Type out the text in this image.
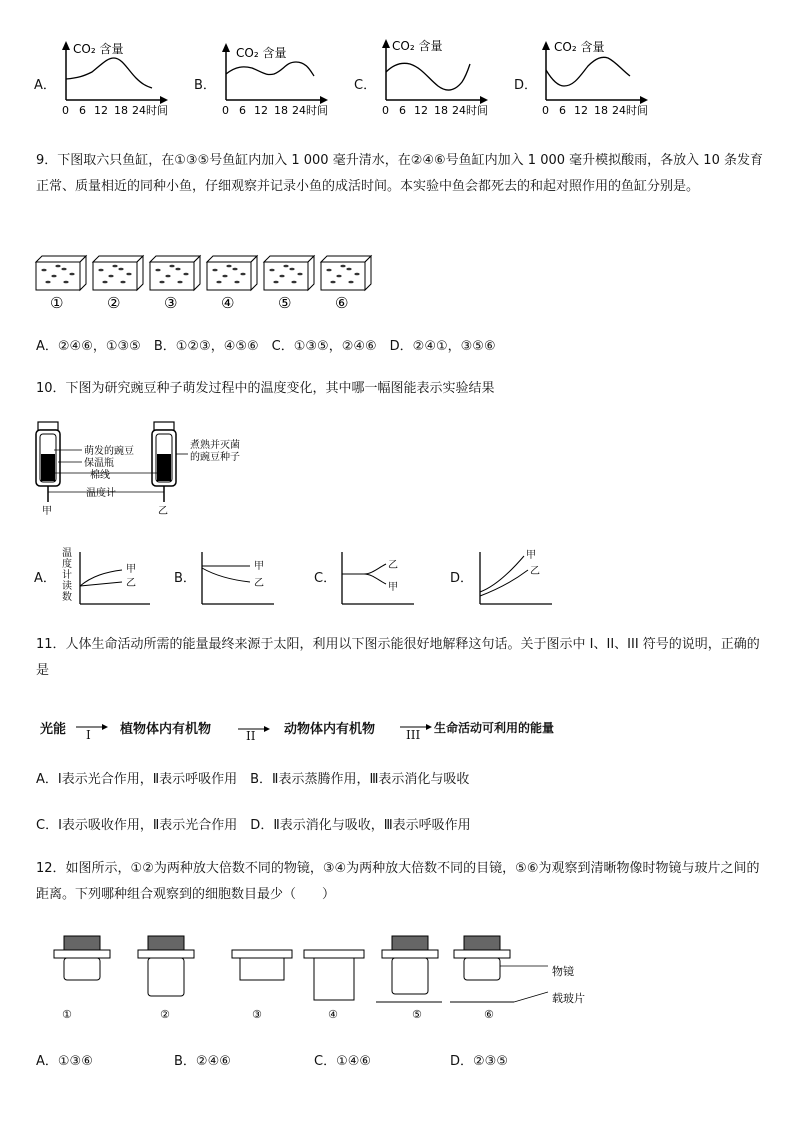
A．
CO₂ 含量
0 6 12 18 24 时间
B．
CO₂ 含量
0 6 12 18 24 时间
C．
CO₂ 含量
0 6 12 18 24 时间
D．
CO₂ 含量
0 6 12 18 24 时间
9．下图取六只鱼缸，在①③⑤号鱼缸内加入 1 000 毫升清水，在②④⑥号鱼缸内加入 1 000 毫升模拟酸雨，各放入 10 条发育正常、质量相近的同种小鱼，仔细观察并记录小鱼的成活时间。本实验中鱼会都死去的和起对照作用的鱼缸分别是。
①	②	③	④	⑤	⑥
A．②④⑥，①③⑤　B．①②③，④⑤⑥　C．①③⑤，②④⑥　D．②④①，③⑤⑥
10．下图为研究豌豆种子萌发过程中的温度变化，其中哪一幅图能表示实验结果
萌发的豌豆
保温瓶
棉线
温度计
煮熟并灭菌
的豌豆种子
甲	乙
A．
温
度
计
读
数
甲
乙	B．
甲
乙	C．
乙
甲
D．
甲
乙
11．人体生命活动所需的能量最终来源于太阳，利用以下图示能很好地解释这句话。关于图示中 I、II、III 符号的说明，正确的是
光能 I 植物体内有机物	II 动物体内有机物	III 生命活动可利用的能量
A．Ⅰ表示光合作用，Ⅱ表示呼吸作用　B．Ⅱ表示蒸腾作用，Ⅲ表示消化与吸收
C．Ⅰ表示吸收作用，Ⅱ表示光合作用　D．Ⅱ表示消化与吸收，Ⅲ表示呼吸作用
12．如图所示，①②为两种放大倍数不同的物镜，③④为两种放大倍数不同的目镜，⑤⑥为观察到清晰物像时物镜与玻片之间的距离。下列哪种组合观察到的细胞数目最少（　　）
物镜
载玻片
①	②	③	④	⑤	⑥
A．①③⑥	B．②④⑥	C．①④⑥	D．②③⑤
